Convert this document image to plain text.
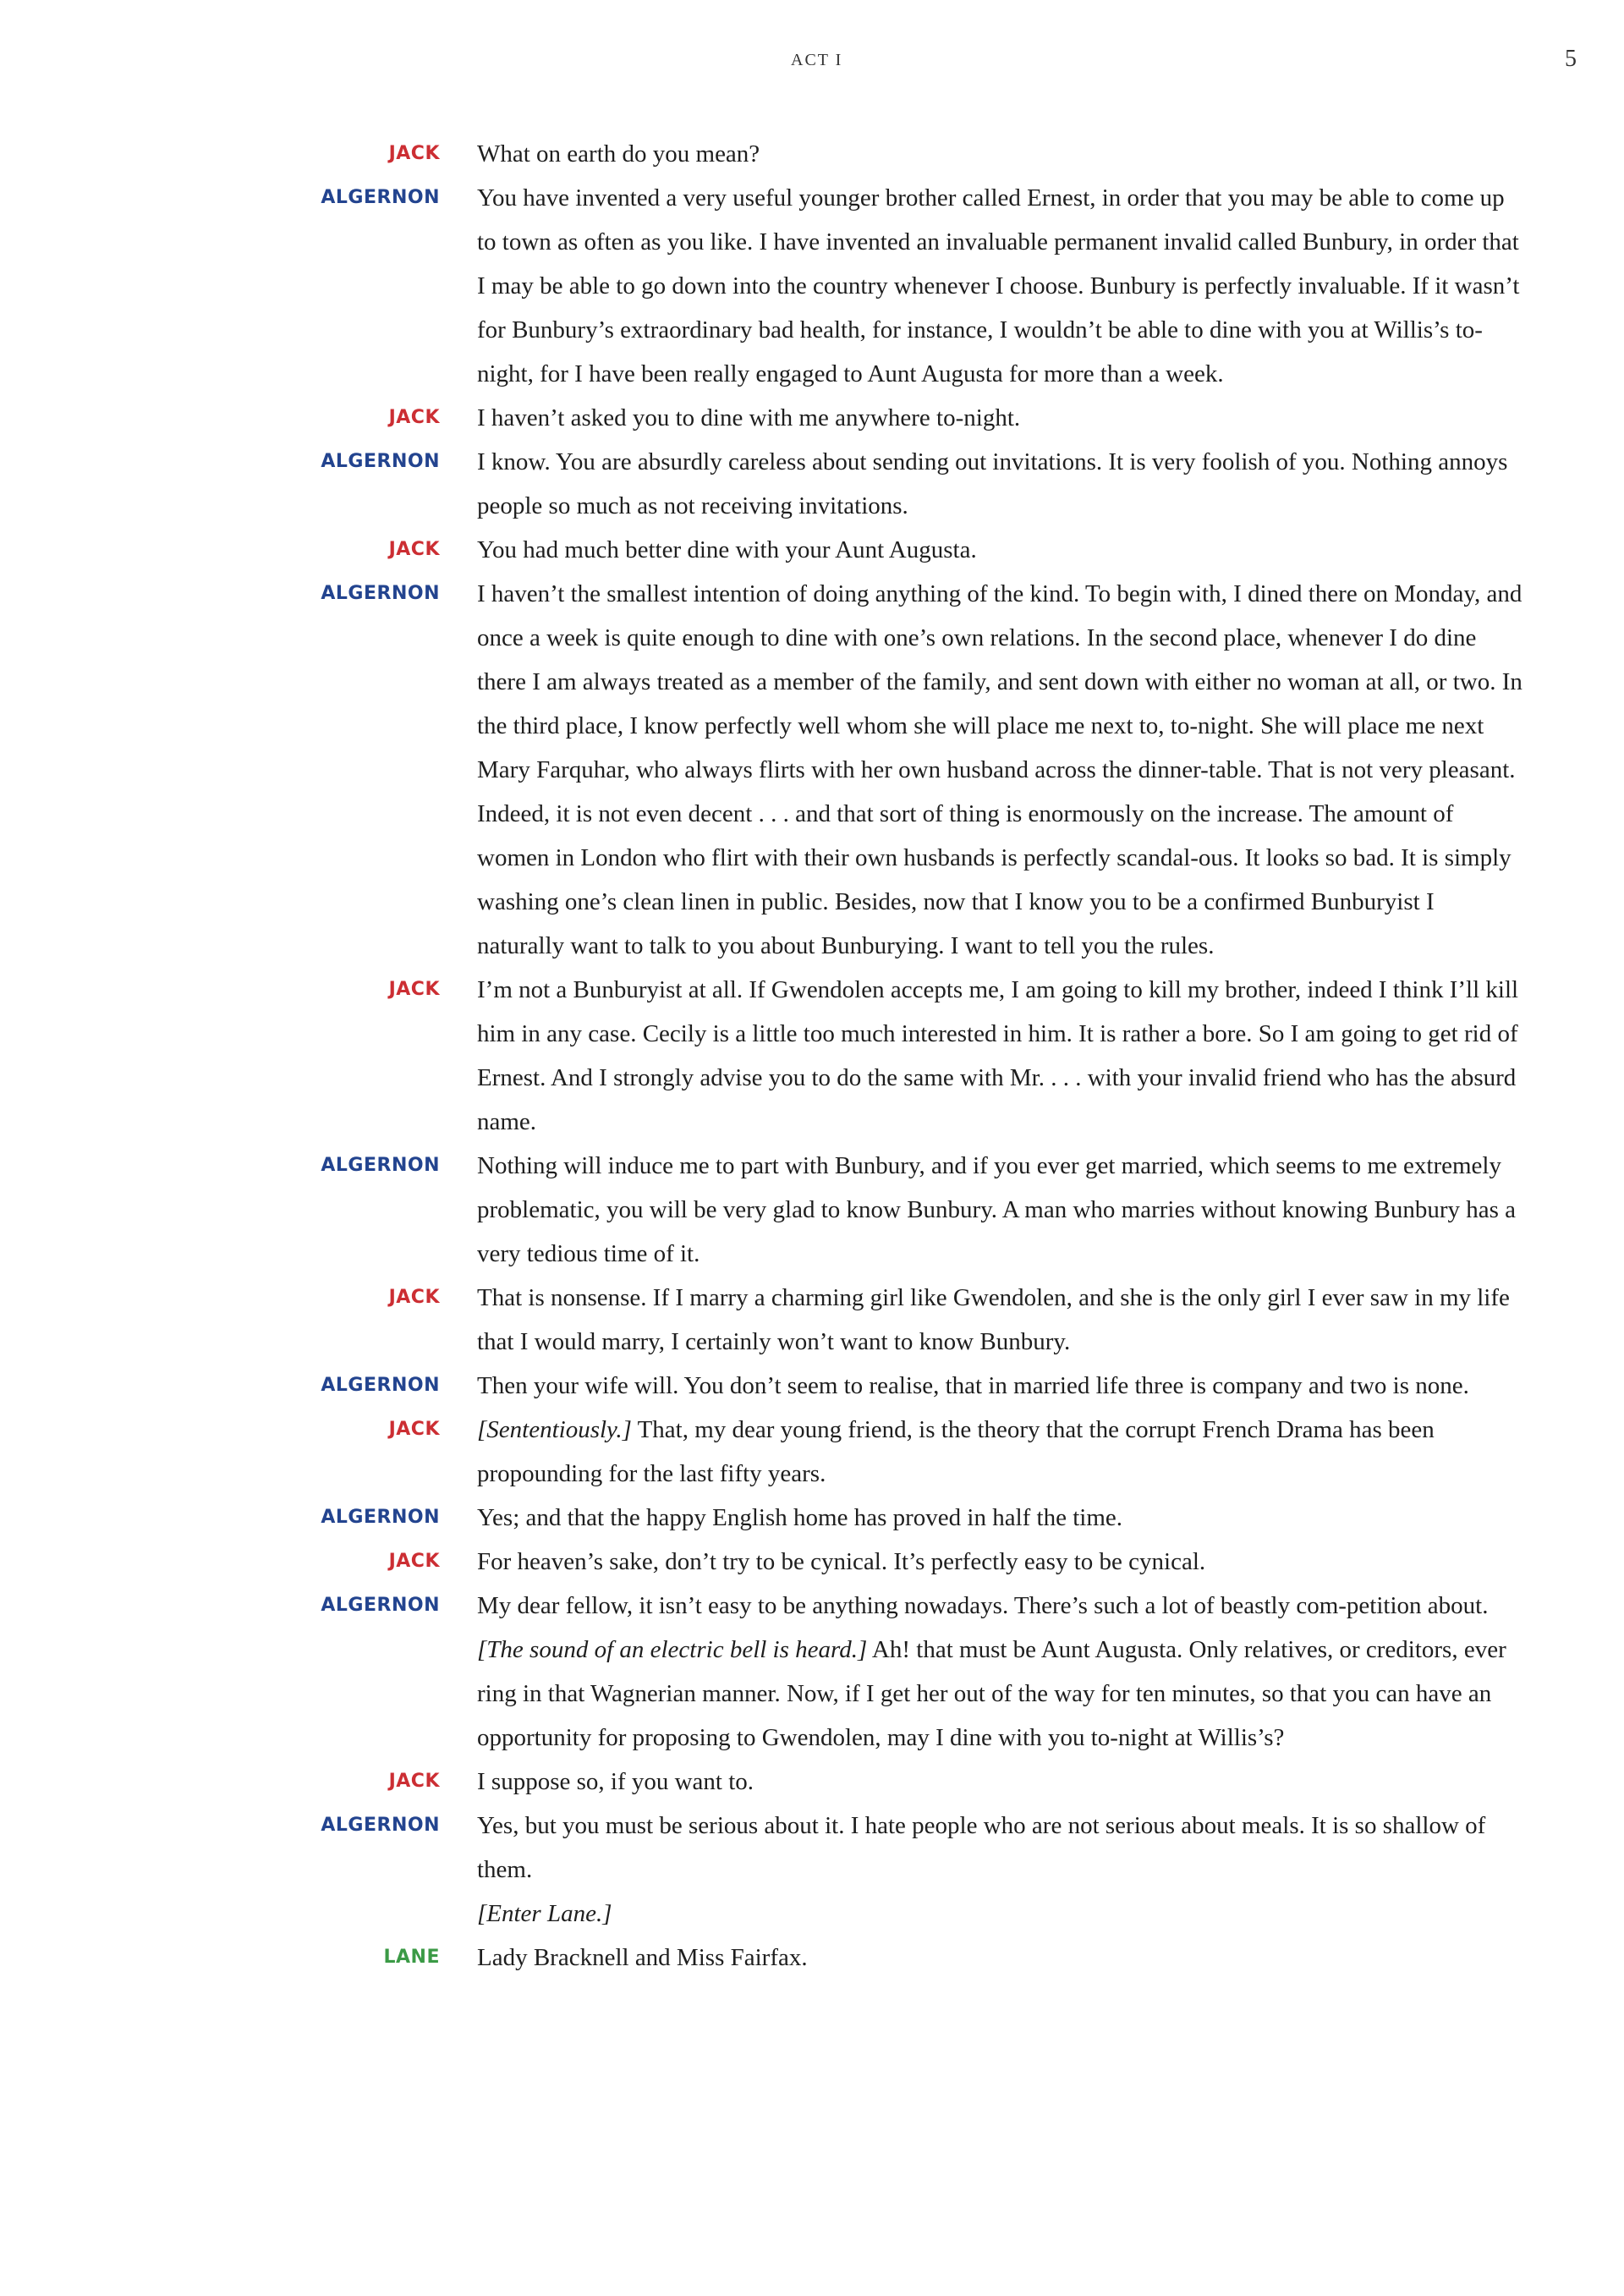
ACT I	5
JACK	What on earth do you mean?
ALGERNON	You have invented a very useful younger brother called Ernest, in order that you may be able to come up to town as often as you like. I have invented an invaluable permanent invalid called Bunbury, in order that I may be able to go down into the country whenever I choose. Bunbury is perfectly invaluable. If it wasn’t for Bunbury’s extraordinary bad health, for instance, I wouldn’t be able to dine with you at Willis’s to-night, for I have been really engaged to Aunt Augusta for more than a week.
JACK	I haven’t asked you to dine with me anywhere to-night.
ALGERNON	I know. You are absurdly careless about sending out invitations. It is very foolish of you. Nothing annoys people so much as not receiving invitations.
JACK	You had much better dine with your Aunt Augusta.
ALGERNON	I haven’t the smallest intention of doing anything of the kind. To begin with, I dined there on Monday, and once a week is quite enough to dine with one’s own relations. In the second place, whenever I do dine there I am always treated as a member of the family, and sent down with either no woman at all, or two. In the third place, I know perfectly well whom she will place me next to, to-night. She will place me next Mary Farquhar, who always flirts with her own husband across the dinner-table. That is not very pleasant. Indeed, it is not even decent . . . and that sort of thing is enormously on the increase. The amount of women in London who flirt with their own husbands is perfectly scandal-ous. It looks so bad. It is simply washing one’s clean linen in public. Besides, now that I know you to be a confirmed Bunburyist I naturally want to talk to you about Bunburying. I want to tell you the rules.
JACK	I’m not a Bunburyist at all. If Gwendolen accepts me, I am going to kill my brother, indeed I think I’ll kill him in any case. Cecily is a little too much interested in him. It is rather a bore. So I am going to get rid of Ernest. And I strongly advise you to do the same with Mr. . . . with your invalid friend who has the absurd name.
ALGERNON	Nothing will induce me to part with Bunbury, and if you ever get married, which seems to me extremely problematic, you will be very glad to know Bunbury. A man who marries without knowing Bunbury has a very tedious time of it.
JACK	That is nonsense. If I marry a charming girl like Gwendolen, and she is the only girl I ever saw in my life that I would marry, I certainly won’t want to know Bunbury.
ALGERNON	Then your wife will. You don’t seem to realise, that in married life three is company and two is none.
JACK	[Sententiously.] That, my dear young friend, is the theory that the corrupt French Drama has been propounding for the last fifty years.
ALGERNON	Yes; and that the happy English home has proved in half the time.
JACK	For heaven’s sake, don’t try to be cynical. It’s perfectly easy to be cynical.
ALGERNON	My dear fellow, it isn’t easy to be anything nowadays. There’s such a lot of beastly com-petition about. [The sound of an electric bell is heard.] Ah! that must be Aunt Augusta. Only relatives, or creditors, ever ring in that Wagnerian manner. Now, if I get her out of the way for ten minutes, so that you can have an opportunity for proposing to Gwendolen, may I dine with you to-night at Willis’s?
JACK	I suppose so, if you want to.
ALGERNON	Yes, but you must be serious about it. I hate people who are not serious about meals. It is so shallow of them.
[Enter Lane.]
LANE	Lady Bracknell and Miss Fairfax.
